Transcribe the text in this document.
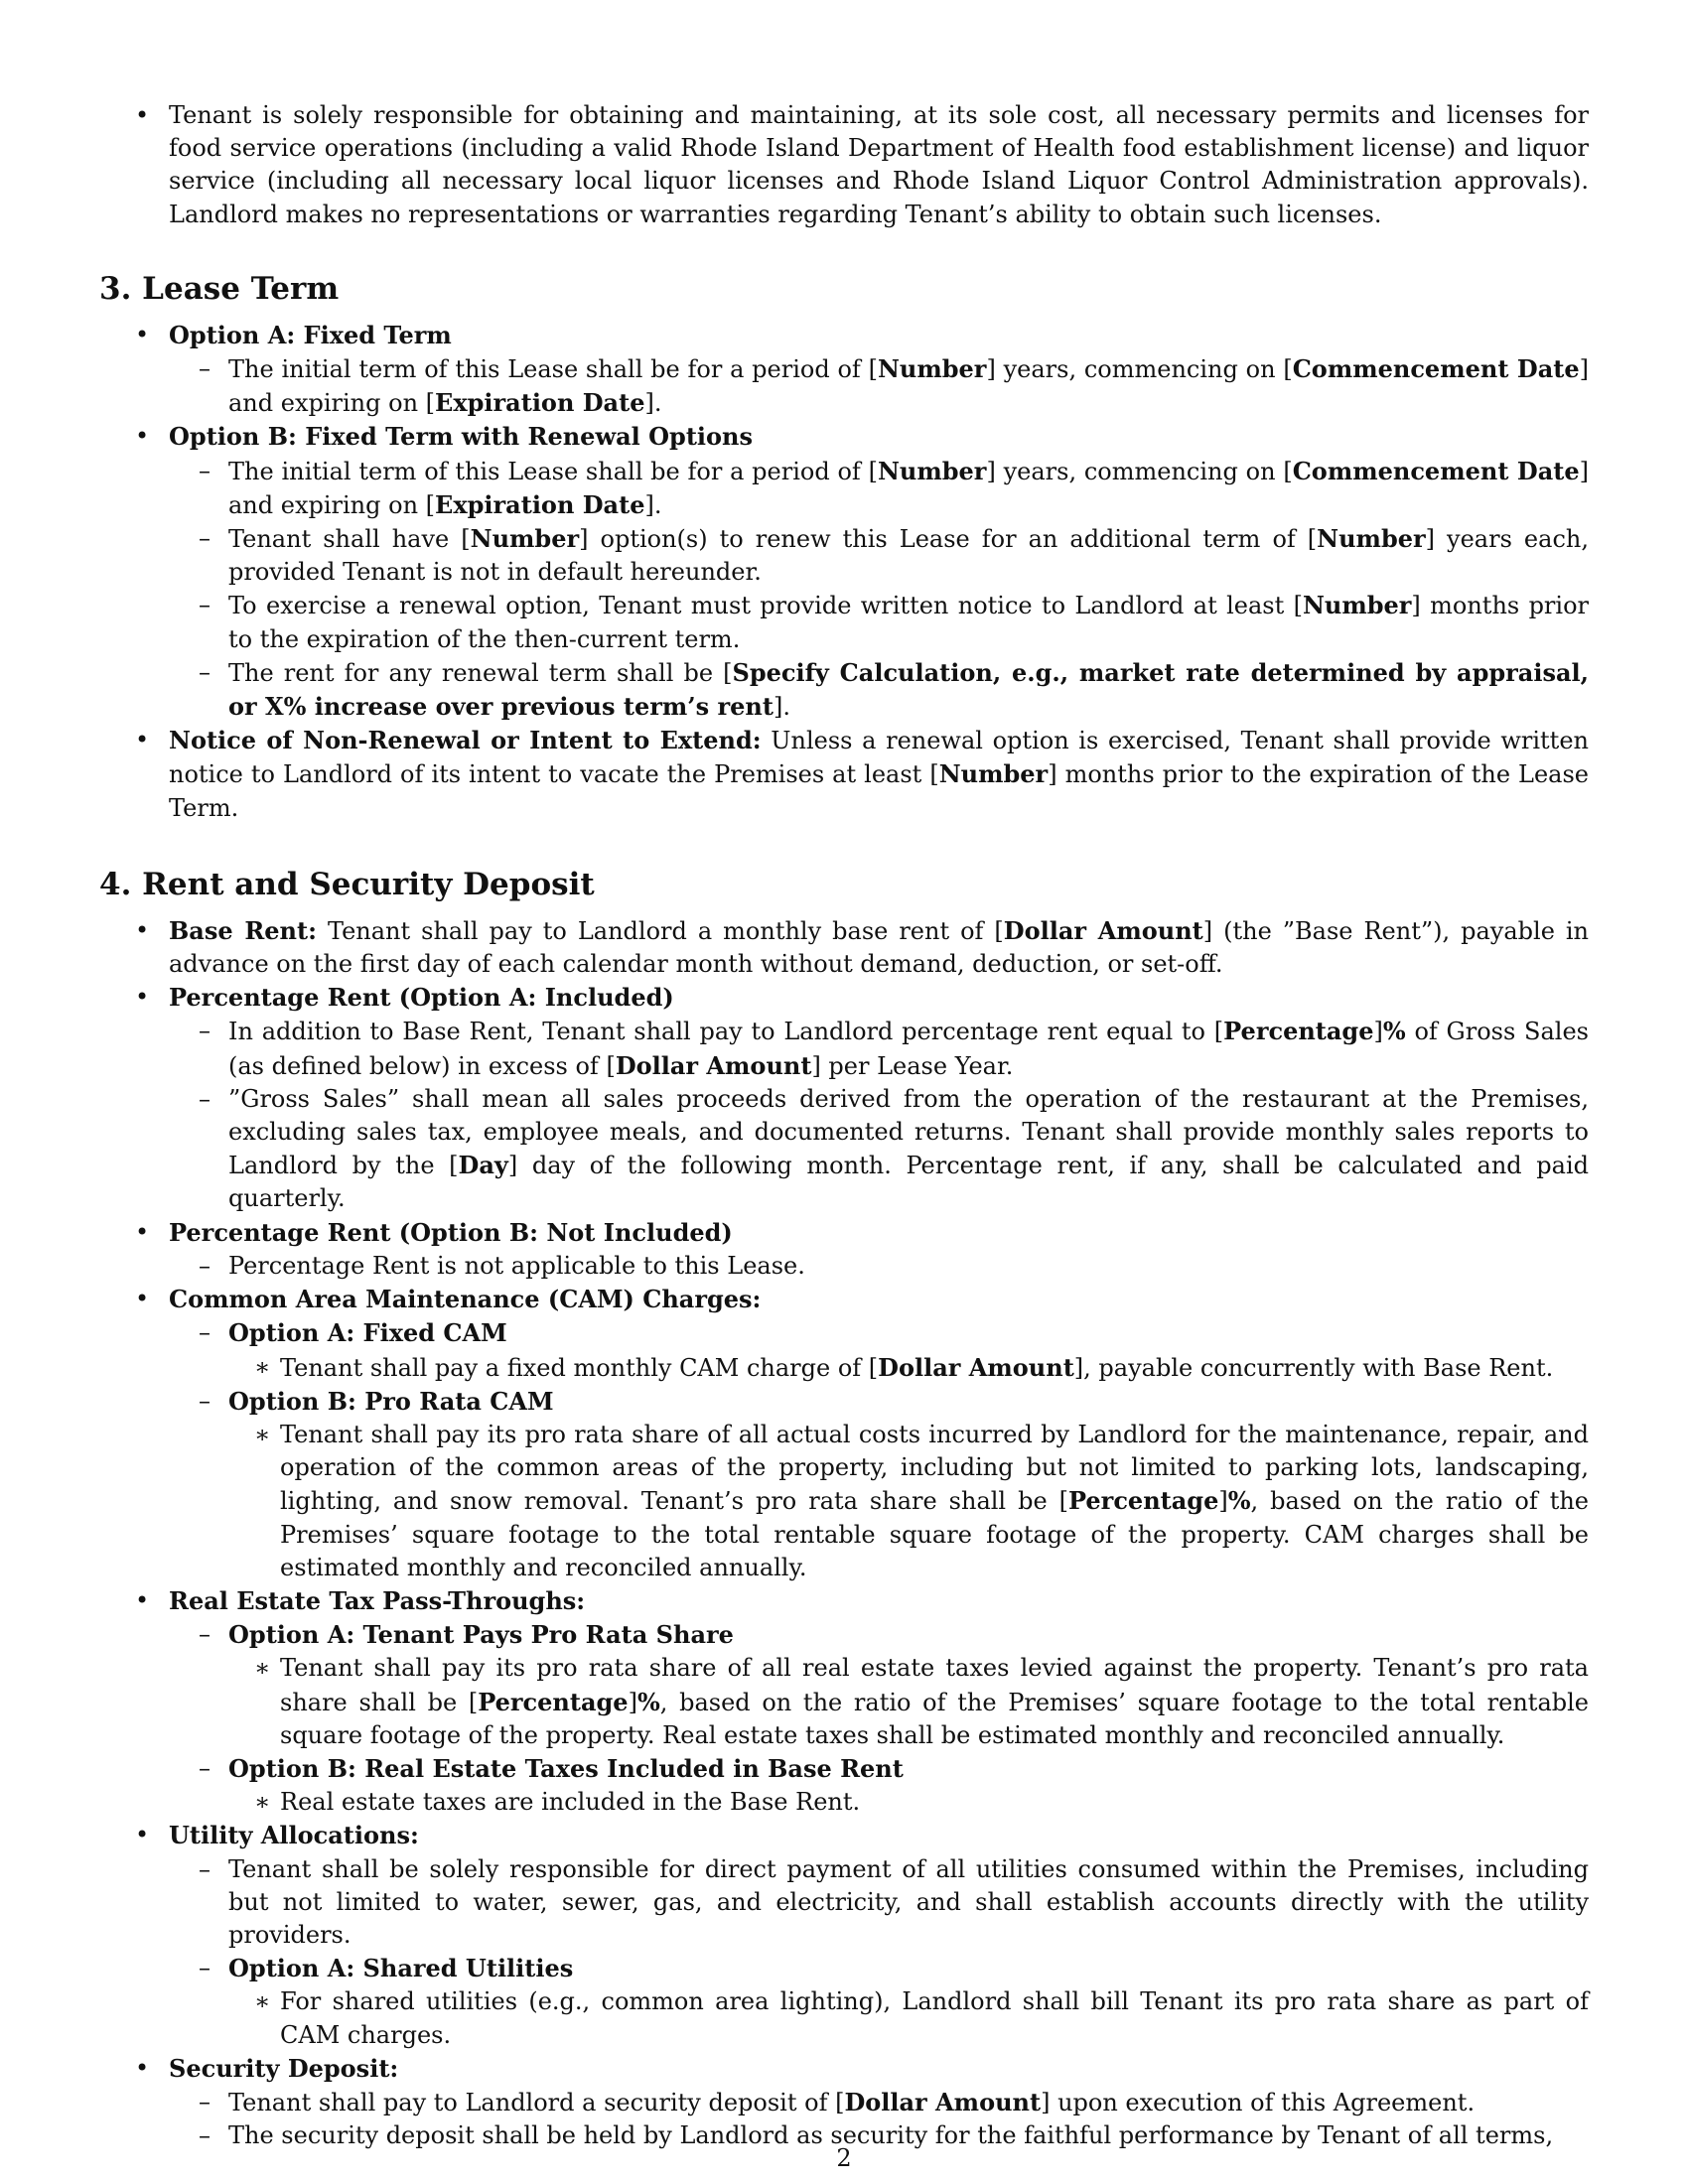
• Tenant is solely responsible for obtaining and maintaining, at its sole cost, all necessary permits and licenses for food service operations (including a valid Rhode Island Department of Health food establishment license) and liquor service (including all necessary local liquor licenses and Rhode Island Liquor Control Administration approvals). Landlord makes no representations or warranties regarding Tenant’s ability to obtain such licenses.
3. Lease Term
• Option A: Fixed Term
– The initial term of this Lease shall be for a period of [Number] years, commencing on [Commencement Date] and expiring on [Expiration Date].
• Option B: Fixed Term with Renewal Options
– The initial term of this Lease shall be for a period of [Number] years, commencing on [Commencement Date] and expiring on [Expiration Date].
– Tenant shall have [Number] option(s) to renew this Lease for an additional term of [Number] years each, provided Tenant is not in default hereunder.
– To exercise a renewal option, Tenant must provide written notice to Landlord at least [Number] months prior to the expiration of the then-current term.
– The rent for any renewal term shall be [Specify Calculation, e.g., market rate determined by appraisal, or X% increase over previous term’s rent].
• Notice of Non-Renewal or Intent to Extend: Unless a renewal option is exercised, Tenant shall provide written notice to Landlord of its intent to vacate the Premises at least [Number] months prior to the expiration of the Lease Term.
4. Rent and Security Deposit
• Base Rent: Tenant shall pay to Landlord a monthly base rent of [Dollar Amount] (the ”Base Rent”), payable in advance on the first day of each calendar month without demand, deduction, or set-off.
• Percentage Rent (Option A: Included)
– In addition to Base Rent, Tenant shall pay to Landlord percentage rent equal to [Percentage]% of Gross Sales (as defined below) in excess of [Dollar Amount] per Lease Year.
– ”Gross Sales” shall mean all sales proceeds derived from the operation of the restaurant at the Premises, excluding sales tax, employee meals, and documented returns. Tenant shall provide monthly sales reports to Landlord by the [Day] day of the following month. Percentage rent, if any, shall be calculated and paid quarterly.
• Percentage Rent (Option B: Not Included)
– Percentage Rent is not applicable to this Lease.
• Common Area Maintenance (CAM) Charges:
– Option A: Fixed CAM
∗ Tenant shall pay a fixed monthly CAM charge of [Dollar Amount], payable concurrently with Base Rent.
– Option B: Pro Rata CAM
∗ Tenant shall pay its pro rata share of all actual costs incurred by Landlord for the maintenance, repair, and operation of the common areas of the property, including but not limited to parking lots, landscaping, lighting, and snow removal. Tenant’s pro rata share shall be [Percentage]%, based on the ratio of the Premises’ square footage to the total rentable square footage of the property. CAM charges shall be estimated monthly and reconciled annually.
• Real Estate Tax Pass-Throughs:
– Option A: Tenant Pays Pro Rata Share
∗ Tenant shall pay its pro rata share of all real estate taxes levied against the property. Tenant’s pro rata share shall be [Percentage]%, based on the ratio of the Premises’ square footage to the total rentable square footage of the property. Real estate taxes shall be estimated monthly and reconciled annually.
– Option B: Real Estate Taxes Included in Base Rent
∗ Real estate taxes are included in the Base Rent.
• Utility Allocations:
– Tenant shall be solely responsible for direct payment of all utilities consumed within the Premises, including but not limited to water, sewer, gas, and electricity, and shall establish accounts directly with the utility providers.
– Option A: Shared Utilities
∗ For shared utilities (e.g., common area lighting), Landlord shall bill Tenant its pro rata share as part of CAM charges.
• Security Deposit:
– Tenant shall pay to Landlord a security deposit of [Dollar Amount] upon execution of this Agreement.
– The security deposit shall be held by Landlord as security for the faithful performance by Tenant of all terms,
2
